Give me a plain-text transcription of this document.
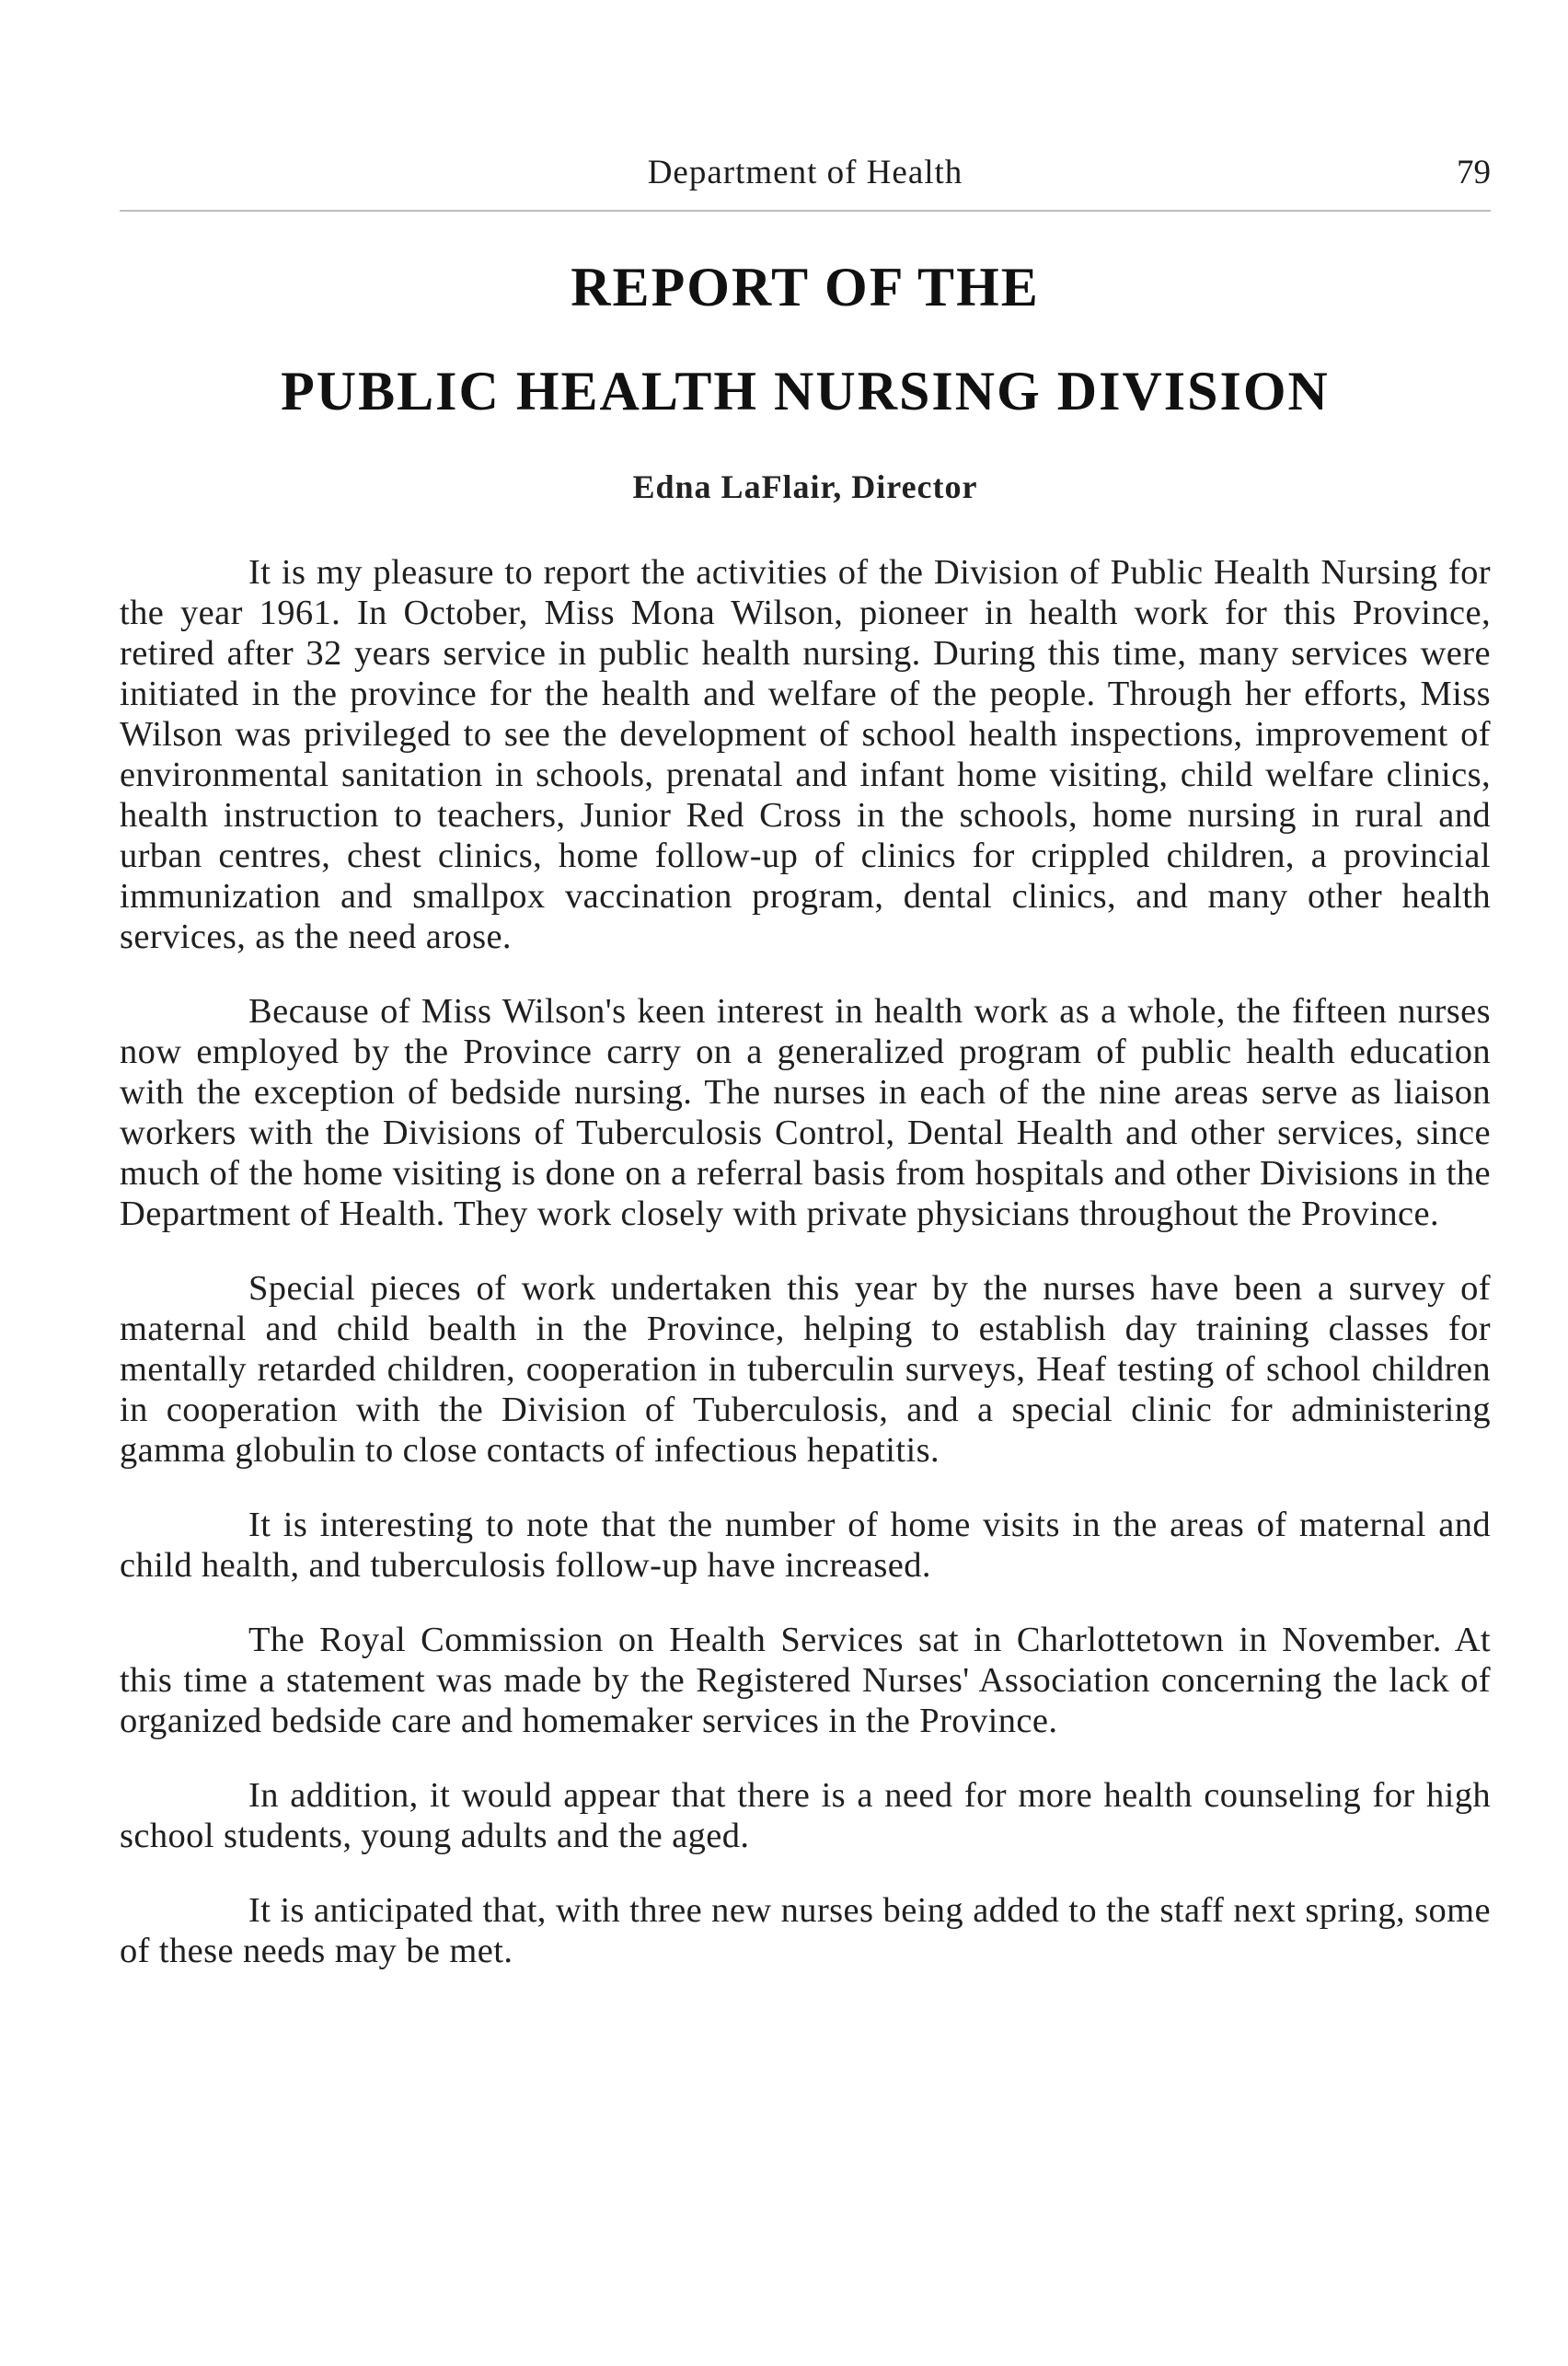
Department of Health	79
REPORT OF THE
PUBLIC HEALTH NURSING DIVISION
Edna LaFlair, Director

It is my pleasure to report the activities of the Division of Public Health Nursing for the year 1961. In October, Miss Mona Wilson, pioneer in health work for this Province, retired after 32 years service in public health nursing. During this time, many services were initiated in the province for the health and welfare of the people. Through her efforts, Miss Wilson was privileged to see the development of school health inspections, improvement of environmental sanitation in schools, prenatal and infant home visiting, child welfare clinics, health instruction to teachers, Junior Red Cross in the schools, home nursing in rural and urban centres, chest clinics, home follow-up of clinics for crippled children, a provincial immunization and smallpox vaccination program, dental clinics, and many other health services, as the need arose.

Because of Miss Wilson's keen interest in health work as a whole, the fifteen nurses now employed by the Province carry on a generalized program of public health education with the exception of bedside nursing. The nurses in each of the nine areas serve as liaison workers with the Divisions of Tuberculosis Control, Dental Health and other services, since much of the home visiting is done on a referral basis from hospitals and other Divisions in the Department of Health. They work closely with private physicians throughout the Province.

Special pieces of work undertaken this year by the nurses have been a survey of maternal and child bealth in the Province, helping to establish day training classes for mentally retarded children, cooperation in tuberculin surveys, Heaf testing of school children in cooperation with the Division of Tuberculosis, and a special clinic for administering gamma globulin to close contacts of infectious hepatitis.

It is interesting to note that the number of home visits in the areas of maternal and child health, and tuberculosis follow-up have increased.

The Royal Commission on Health Services sat in Charlottetown in November. At this time a statement was made by the Registered Nurses' Association concerning the lack of organized bedside care and homemaker services in the Province.

In addition, it would appear that there is a need for more health counseling for high school students, young adults and the aged.

It is anticipated that, with three new nurses being added to the staff next spring, some of these needs may be met.
